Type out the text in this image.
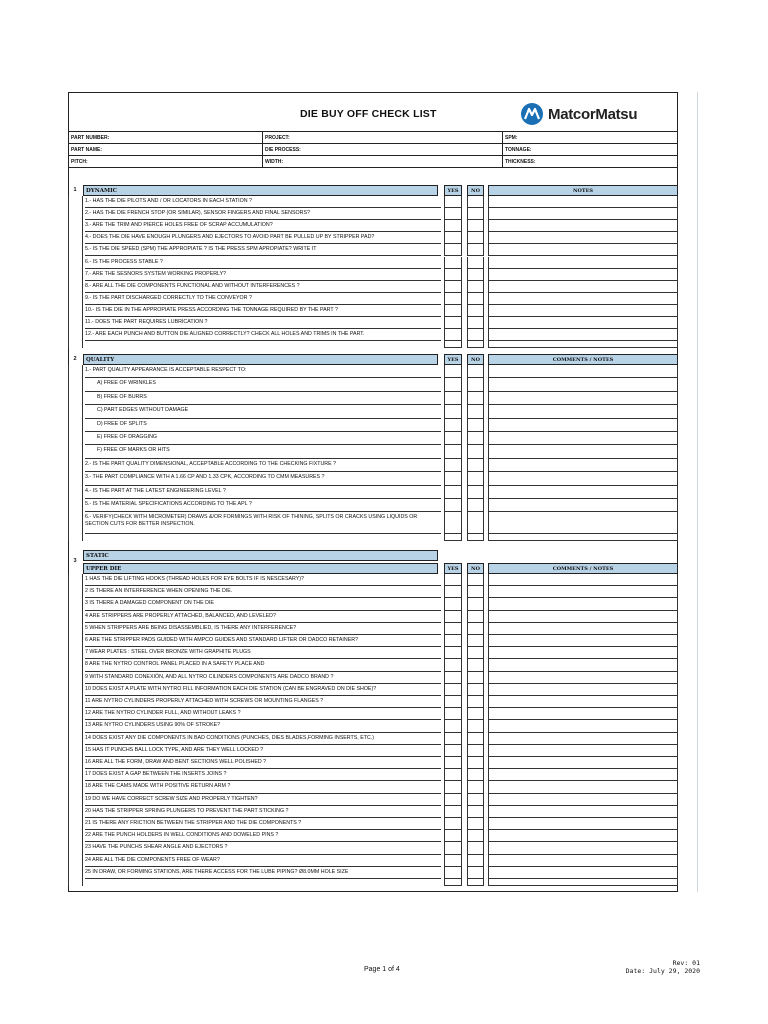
DIE BUY OFF CHECK LIST	MatcorMatsu
PART NUMBER:	PROJECT:	SPM:
PART NAME:	DIE PROCESS:	TONNAGE:
PITCH:	WIDTH:	THICKNESS:
1	DYNAMIC	YES	NO	NOTES
1.- HAS THE DIE PILOTS AND / OR LOCATORS IN EACH STATION ?
2.- HAS THE DIE FRENCH STOP (OR SIMILAR), SENSOR FINGERS AND FINAL SENSORS?
3.- ARE THE TRIM AND PIERCE HOLES FREE OF SCRAP ACCUMULATION?
4.- DOES THE DIE HAVE ENOUGH PLUNGERS AND EJECTORS TO AVOID PART BE PULLED UP BY STRIPPER PAD?
5.- IS THE DIE SPEED (SPM) THE APPROPIATE ? IS THE PRESS SPM APROPIATE? WRITE IT
6.- IS THE PROCESS STABLE ?
7.- ARE THE SESNORS SYSTEM WORKING PROPERLY?
8.- ARE ALL THE DIE COMPONENTS FUNCTIONAL AND WITHOUT INTERFERENCES ?
9.- IS THE PART DISCHARGED CORRECTLY TO THE CONVEYOR ?
10.- IS THE DIE IN THE APPROPIATE PRESS ACCORDING THE TONNAGE REQUIRED BY THE PART ?
11.- DOES THE PART REQUIRES LUBRICATION ?
12.- ARE EACH PUNCH AND BUTTON DIE ALIGNED CORRECTLY? CHECK ALL HOLES AND TRIMS IN THE PART.
2	QUALITY	YES	NO	COMMENTS / NOTES
1.- PART QUALITY APPEARANCE IS ACCEPTABLE RESPECT TO:
A) FREE OF WRINKLES
B) FREE OF BURRS
C) PART EDGES WITHOUT DAMAGE
D) FREE OF SPLITS
E) FREE OF DRAGGING
F) FREE OF MARKS OR HITS
2.- IS THE PART QUALITY DIMENSIONAL, ACCEPTABLE ACCORDING TO THE CHECKING FIXTURE ?
3.- THE PART COMPLIANCE WITH A 1.66 CP AND 1.33 CPK, ACCORDING TO CMM MEASURES ?
4.- IS THE PART AT THE LATEST ENGINEERING LEVEL ?
5.- IS THE MATERIAL SPECIFICATIONS ACCORDING TO THE APL ?
6.- VERIFY(CHECK WITH MICROMETER) DRAWS &/OR FORMINGS WITH RISK OF THINING, SPLITS OR CRACKS USING LIQUIDS OR SECTION CUTS FOR BETTER INSPECTION.
STATIC
3
UPPER DIE	YES	NO	COMMENTS / NOTES
1 HAS THE DIE LIFTING HOOKS (THREAD HOLES FOR EYE BOLTS IF IS NESCESARY)?
2 IS THERE AN INTERFERENCE WHEN OPENING THE DIE.
3 IS THERE A DAMAGED COMPONENT ON THE DIE
4 ARE STRIPPERS ARE PROPERLY ATTACHED, BALANCED, AND LEVELED?
5 WHEN STRIPPERS ARE BEING DISASSEMBLIED, IS THERE ANY INTERFERENCE?
6 ARE THE STRIPPER PADS GUIDED WITH AMPCO GUIDES AND STANDARD LIFTER OR DADCO RETAINER?
7 WEAR PLATES : STEEL OVER BRONZE WITH GRAPHITE PLUGS
8 ARE THE NYTRO CONTROL PANEL PLACED IN A SAFETY PLACE AND
9 WITH STANDARD CONEXIÓN, AND ALL NYTRO CILINDERS COMPONENTS ARE DADCO BRAND ?
10 DOES EXIST A PLATE WITH NYTRO FILL INFORMATION EACH DIE STATION (CAN BE ENGRAVED ON DIE SHOE)?
11 ARE NYTRO CYLINDERS PROPERLY ATTACHED WITH SCREWS OR MOUNTING FLANGES ?
12 ARE THE NYTRO CYLINDER FULL, AND WITHOUT LEAKS ?
13 ARE NYTRO CYLINDERS USING 90% OF STROKE?
14 DOES EXIST ANY DIE COMPONENTS IN BAD CONDITIONS (PUNCHES, DIES BLADES,FORMING INSERTS, ETC.)
15 HAS IT PUNCHS BALL LOCK TYPE, AND ARE THEY WELL LOCKED ?
16 ARE ALL THE FORM, DRAW AND BENT SECTIONS WELL POLISHED ?
17 DOES EXIST A GAP BETWEEN THE INSERTS JOINS ?
18 ARE THE CAMS MADE WITH POSITIVE RETURN ARM ?
19 DO WE HAVE CORRECT SCREW SIZE AND PROPERLY TIGHTEN?
20 HAS THE STRIPPER SPRING PLUNGERS TO PREVENT THE PART STICKING ?
21 IS THERE ANY FRICTION BETWEEN THE STRIPPER AND THE DIE COMPONENTS ?
22 ARE THE PUNCH HOLDERS IN WELL CONDITIONS AND DOWELED PINS ?
23 HAVE THE PUNCHS SHEAR ANGLE AND EJECTORS ?
24 ARE ALL THE DIE COMPONENTS FREE OF WEAR?
25 IN DRAW, OR FORMING STATIONS, ARE THERE ACCESS FOR THE LUBE PIPING? Ø8.0MM HOLE SIZE
Page 1 of 4
Rev: 01
Date: July 29, 2020
